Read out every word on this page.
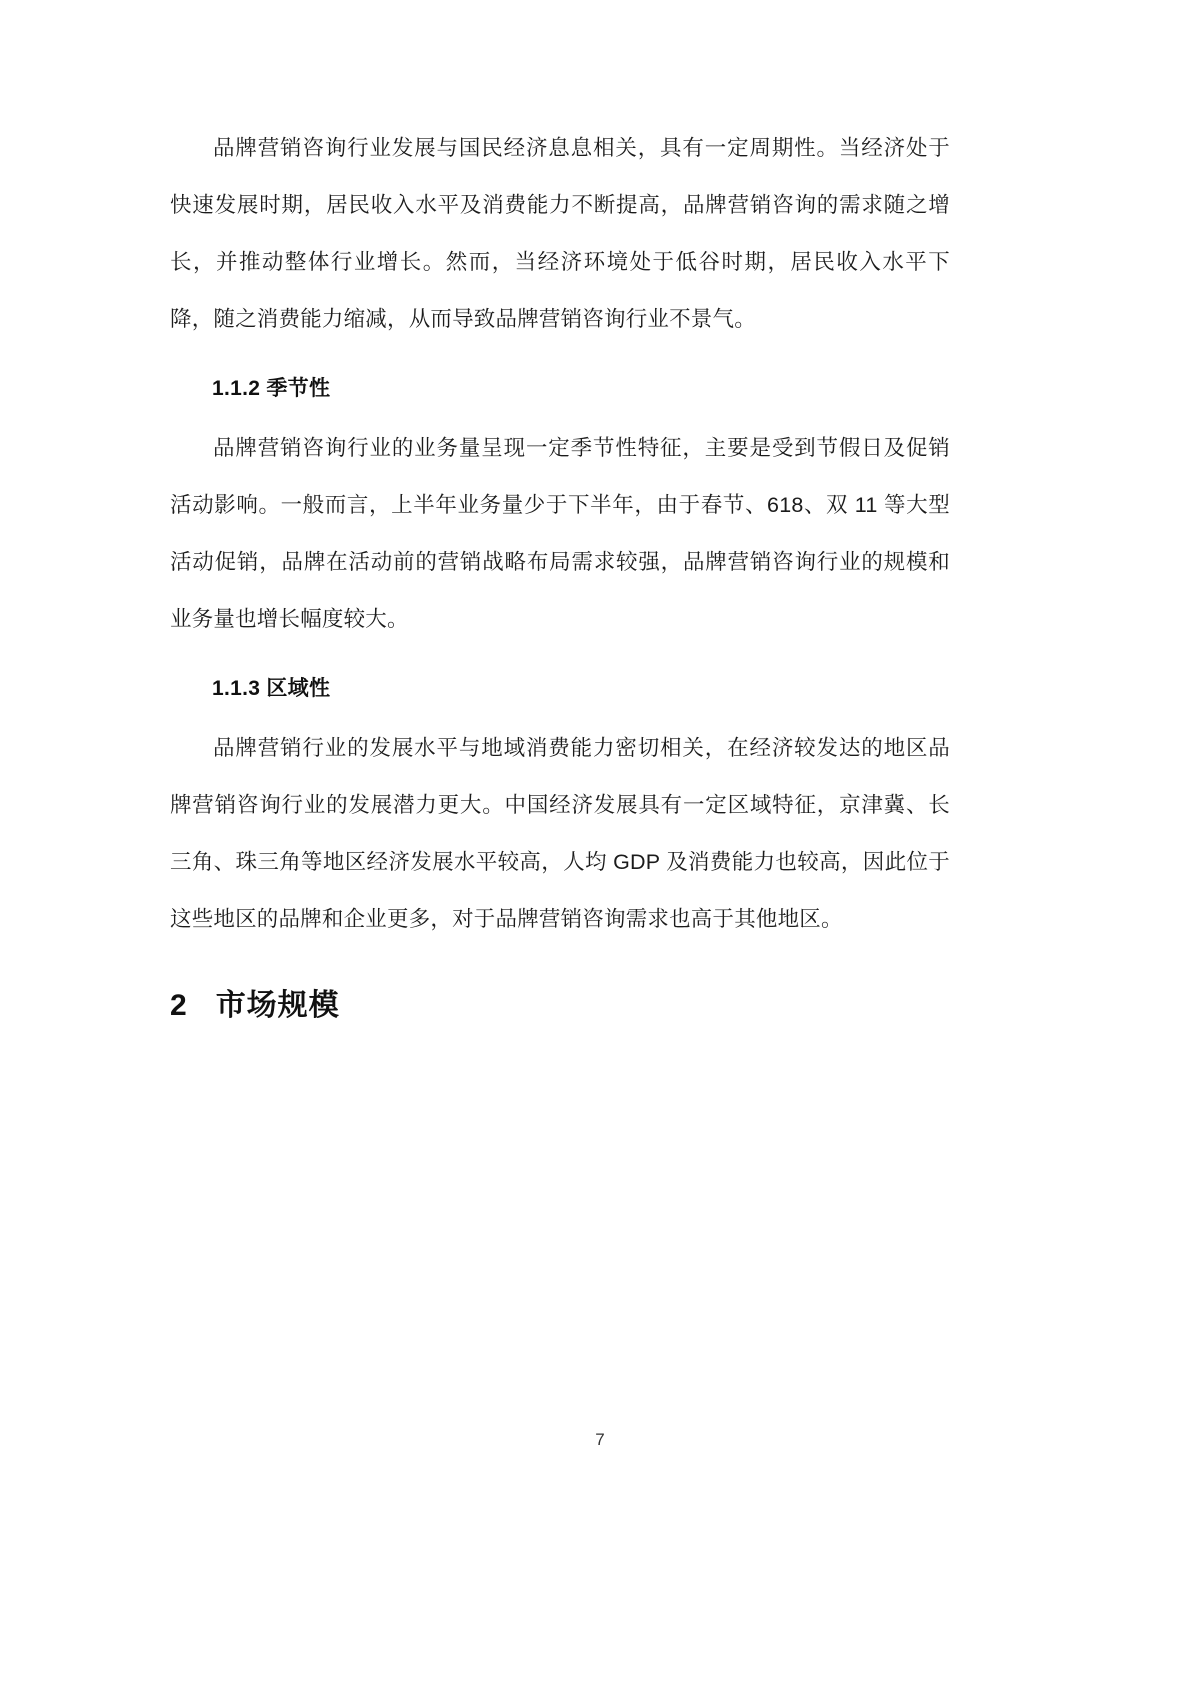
品牌营销咨询行业发展与国民经济息息相关，具有一定周期性。当经济处于快速发展时期，居民收入水平及消费能力不断提高，品牌营销咨询的需求随之增长，并推动整体行业增长。然而，当经济环境处于低谷时期，居民收入水平下降，随之消费能力缩减，从而导致品牌营销咨询行业不景气。

1.1.2 季节性

品牌营销咨询行业的业务量呈现一定季节性特征，主要是受到节假日及促销活动影响。一般而言，上半年业务量少于下半年，由于春节、618、双 11 等大型活动促销，品牌在活动前的营销战略布局需求较强，品牌营销咨询行业的规模和业务量也增长幅度较大。

1.1.3 区域性

品牌营销行业的发展水平与地域消费能力密切相关，在经济较发达的地区品牌营销咨询行业的发展潜力更大。中国经济发展具有一定区域特征，京津冀、长三角、珠三角等地区经济发展水平较高，人均 GDP 及消费能力也较高，因此位于这些地区的品牌和企业更多，对于品牌营销咨询需求也高于其他地区。

2 市场规模
7
